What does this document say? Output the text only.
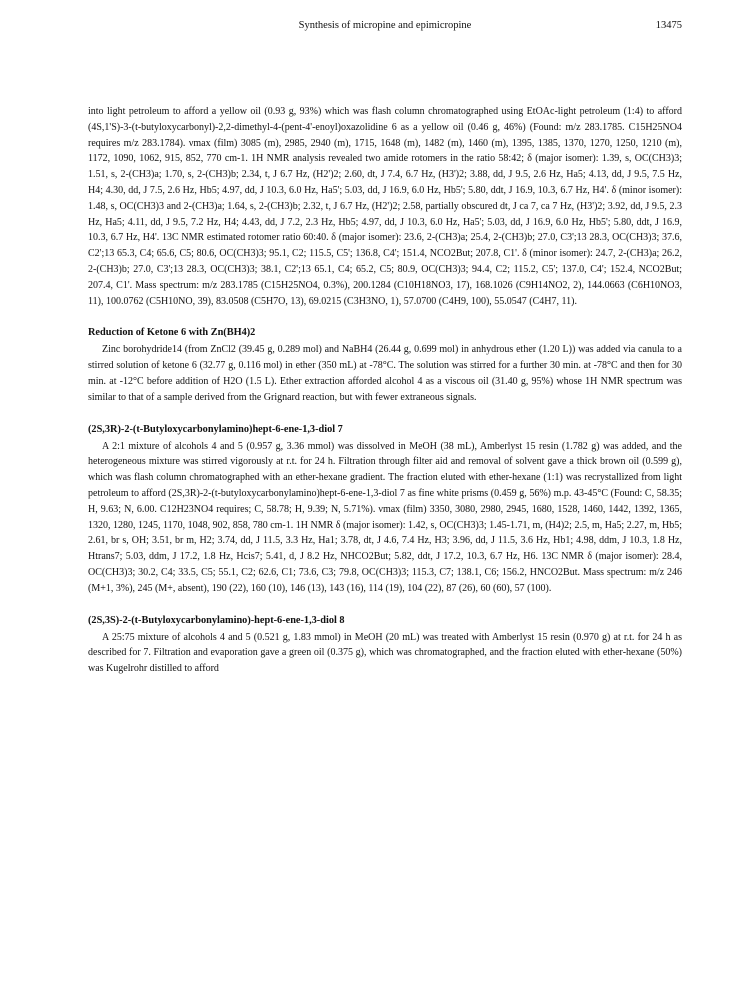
Synthesis of micropine and epimicropine	13475

into light petroleum to afford a yellow oil (0.93 g, 93%) which was flash column chromatographed using EtOAc-light petroleum (1:4) to afford (4S,1'S)-3-(t-butyloxycarbonyl)-2,2-dimethyl-4-(pent-4'-enoyl)oxazolidine 6 as a yellow oil (0.46 g, 46%) (Found: m/z 283.1785. C15H25NO4 requires m/z 283.1784). νmax (film) 3085 (m), 2985, 2940 (m), 1715, 1648 (m), 1482 (m), 1460 (m), 1395, 1385, 1370, 1270, 1250, 1210 (m), 1172, 1090, 1062, 915, 852, 770 cm-1. 1H NMR analysis revealed two amide rotomers in the ratio 58:42; δ (major isomer): 1.39, s, OC(CH3)3; 1.51, s, 2-(CH3)a; 1.70, s, 2-(CH3)b; 2.34, t, J 6.7 Hz, (H2')2; 2.60, dt, J 7.4, 6.7 Hz, (H3')2; 3.88, dd, J 9.5, 2.6 Hz, Ha5; 4.13, dd, J 9.5, 7.5 Hz, H4; 4.30, dd, J 7.5, 2.6 Hz, Hb5; 4.97, dd, J 10.3, 6.0 Hz, Ha5'; 5.03, dd, J 16.9, 6.0 Hz, Hb5'; 5.80, ddt, J 16.9, 10.3, 6.7 Hz, H4'. δ (minor isomer): 1.48, s, OC(CH3)3 and 2-(CH3)a; 1.64, s, 2-(CH3)b; 2.32, t, J 6.7 Hz, (H2')2; 2.58, partially obscured dt, J ca 7, ca 7 Hz, (H3')2; 3.92, dd, J 9.5, 2.3 Hz, Ha5; 4.11, dd, J 9.5, 7.2 Hz, H4; 4.43, dd, J 7.2, 2.3 Hz, Hb5; 4.97, dd, J 10.3, 6.0 Hz, Ha5'; 5.03, dd, J 16.9, 6.0 Hz, Hb5'; 5.80, ddt, J 16.9, 10.3, 6.7 Hz, H4'. 13C NMR estimated rotomer ratio 60:40. δ (major isomer): 23.6, 2-(CH3)a; 25.4, 2-(CH3)b; 27.0, C3';13 28.3, OC(CH3)3; 37.6, C2';13 65.3, C4; 65.6, C5; 80.6, OC(CH3)3; 95.1, C2; 115.5, C5'; 136.8, C4'; 151.4, NCO2But; 207.8, C1'. δ (minor isomer): 24.7, 2-(CH3)a; 26.2, 2-(CH3)b; 27.0, C3';13 28.3, OC(CH3)3; 38.1, C2';13 65.1, C4; 65.2, C5; 80.9, OC(CH3)3; 94.4, C2; 115.2, C5'; 137.0, C4'; 152.4, NCO2But; 207.4, C1'. Mass spectrum: m/z 283.1785 (C15H25NO4, 0.3%), 200.1284 (C10H18NO3, 17), 168.1026 (C9H14NO2, 2), 144.0663 (C6H10NO3, 11), 100.0762 (C5H10NO, 39), 83.0508 (C5H7O, 13), 69.0215 (C3H3NO, 1), 57.0700 (C4H9, 100), 55.0547 (C4H7, 11).

Reduction of Ketone 6 with Zn(BH4)2

Zinc borohydride14 (from ZnCl2 (39.45 g, 0.289 mol) and NaBH4 (26.44 g, 0.699 mol) in anhydrous ether (1.20 L)) was added via canula to a stirred solution of ketone 6 (32.77 g, 0.116 mol) in ether (350 mL) at -78°C. The solution was stirred for a further 30 min. at -78°C and then for 30 min. at -12°C before addition of H2O (1.5 L). Ether extraction afforded alcohol 4 as a viscous oil (31.40 g, 95%) whose 1H NMR spectrum was similar to that of a sample derived from the Grignard reaction, but with fewer extraneous signals.

(2S,3R)-2-(t-Butyloxycarbonylamino)hept-6-ene-1,3-diol 7

A 2:1 mixture of alcohols 4 and 5 (0.957 g, 3.36 mmol) was dissolved in MeOH (38 mL), Amberlyst 15 resin (1.782 g) was added, and the heterogeneous mixture was stirred vigorously at r.t. for 24 h. Filtration through filter aid and removal of solvent gave a thick brown oil (0.599 g), which was flash column chromatographed with an ether-hexane gradient. The fraction eluted with ether-hexane (1:1) was recrystallized from light petroleum to afford (2S,3R)-2-(t-butyloxycarbonylamino)hept-6-ene-1,3-diol 7 as fine white prisms (0.459 g, 56%) m.p. 43-45°C (Found: C, 58.35; H, 9.63; N, 6.00. C12H23NO4 requires; C, 58.78; H, 9.39; N, 5.71%). νmax (film) 3350, 3080, 2980, 2945, 1680, 1528, 1460, 1442, 1392, 1365, 1320, 1280, 1245, 1170, 1048, 902, 858, 780 cm-1. 1H NMR δ (major isomer): 1.42, s, OC(CH3)3; 1.45-1.71, m, (H4)2; 2.5, m, Ha5; 2.27, m, Hb5; 2.61, br s, OH; 3.51, br m, H2; 3.74, dd, J 11.5, 3.3 Hz, Ha1; 3.78, dt, J 4.6, 7.4 Hz, H3; 3.96, dd, J 11.5, 3.6 Hz, Hb1; 4.98, ddm, J 10.3, 1.8 Hz, Htrans7; 5.03, ddm, J 17.2, 1.8 Hz, Hcis7; 5.41, d, J 8.2 Hz, NHCO2But; 5.82, ddt, J 17.2, 10.3, 6.7 Hz, H6. 13C NMR δ (major isomer): 28.4, OC(CH3)3; 30.2, C4; 33.5, C5; 55.1, C2; 62.6, C1; 73.6, C3; 79.8, OC(CH3)3; 115.3, C7; 138.1, C6; 156.2, HNCO2But. Mass spectrum: m/z 246 (M+1, 3%), 245 (M+, absent), 190 (22), 160 (10), 146 (13), 143 (16), 114 (19), 104 (22), 87 (26), 60 (60), 57 (100).

(2S,3S)-2-(t-Butyloxycarbonylamino)-hept-6-ene-1,3-diol 8

A 25:75 mixture of alcohols 4 and 5 (0.521 g, 1.83 mmol) in MeOH (20 mL) was treated with Amberlyst 15 resin (0.970 g) at r.t. for 24 h as described for 7. Filtration and evaporation gave a green oil (0.375 g), which was chromatographed, and the fraction eluted with ether-hexane (50%) was Kugelrohr distilled to afford
